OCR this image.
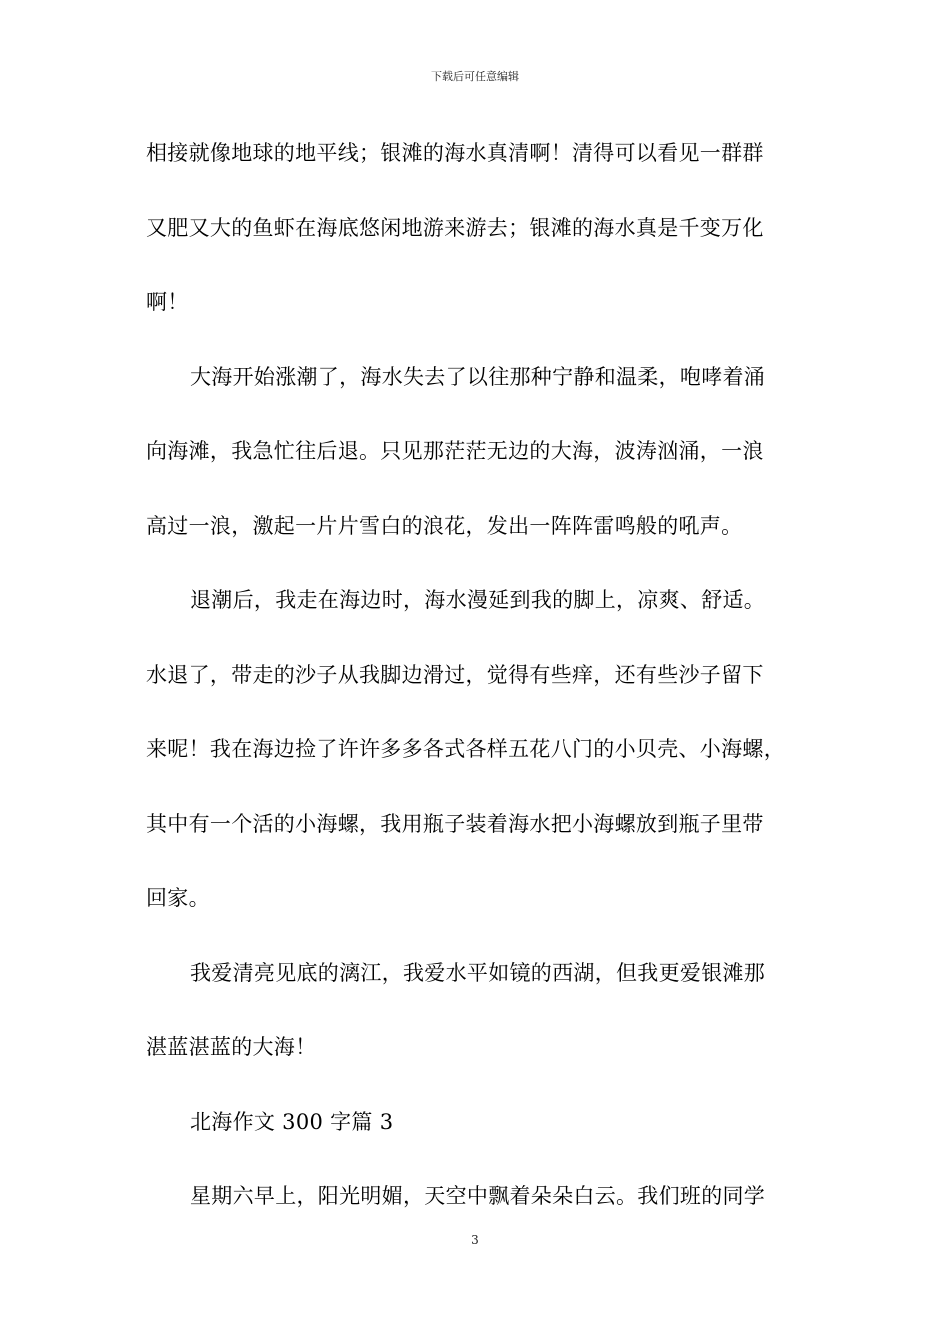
下载后可任意编辑
相接就像地球的地平线；银滩的海水真清啊！清得可以看见一群群
又肥又大的鱼虾在海底悠闲地游来游去；银滩的海水真是千变万化
啊！
大海开始涨潮了，海水失去了以往那种宁静和温柔，咆哮着涌
向海滩，我急忙往后退。只见那茫茫无边的大海，波涛汹涌，一浪
高过一浪，激起一片片雪白的浪花，发出一阵阵雷鸣般的吼声。
退潮后，我走在海边时，海水漫延到我的脚上，凉爽、舒适。
水退了，带走的沙子从我脚边滑过，觉得有些痒，还有些沙子留下
来呢！我在海边捡了许许多多各式各样五花八门的小贝壳、小海螺，
其中有一个活的小海螺，我用瓶子装着海水把小海螺放到瓶子里带
回家。
我爱清亮见底的漓江，我爱水平如镜的西湖，但我更爱银滩那
湛蓝湛蓝的大海！
北海作文 300 字篇 3
星期六早上，阳光明媚，天空中飘着朵朵白云。我们班的同学
3
